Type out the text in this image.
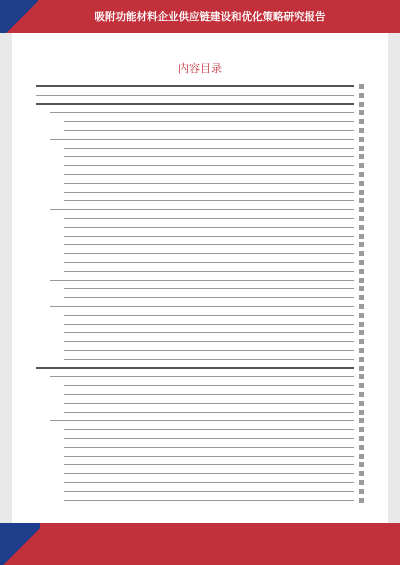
吸附功能材料企业供应链建设和优化策略研究报告
内容目录
